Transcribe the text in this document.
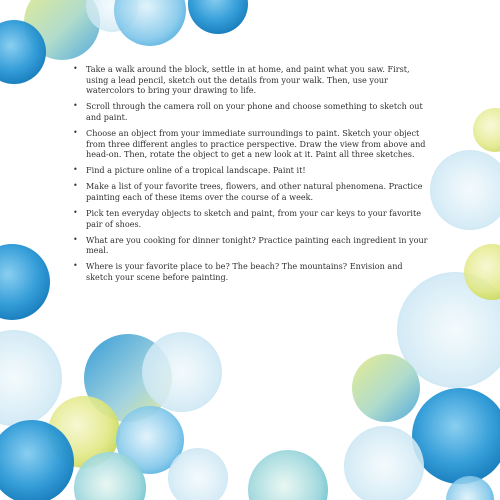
• Take a walk around the block, settle in at home, and paint what you saw. First, using a lead pencil, sketch out the details from your walk. Then, use your watercolors to bring your drawing to life.
• Scroll through the camera roll on your phone and choose something to sketch out and paint.
• Choose an object from your immediate surroundings to paint. Sketch your object from three different angles to practice perspective. Draw the view from above and head-on. Then, rotate the object to get a new look at it. Paint all three sketches.
• Find a picture online of a tropical landscape. Paint it!
• Make a list of your favorite trees, flowers, and other natural phenomena. Practice painting each of these items over the course of a week.
• Pick ten everyday objects to sketch and paint, from your car keys to your favorite pair of shoes.
• What are you cooking for dinner tonight? Practice painting each ingredient in your meal.
• Where is your favorite place to be? The beach? The mountains? Envision and sketch your scene before painting.
